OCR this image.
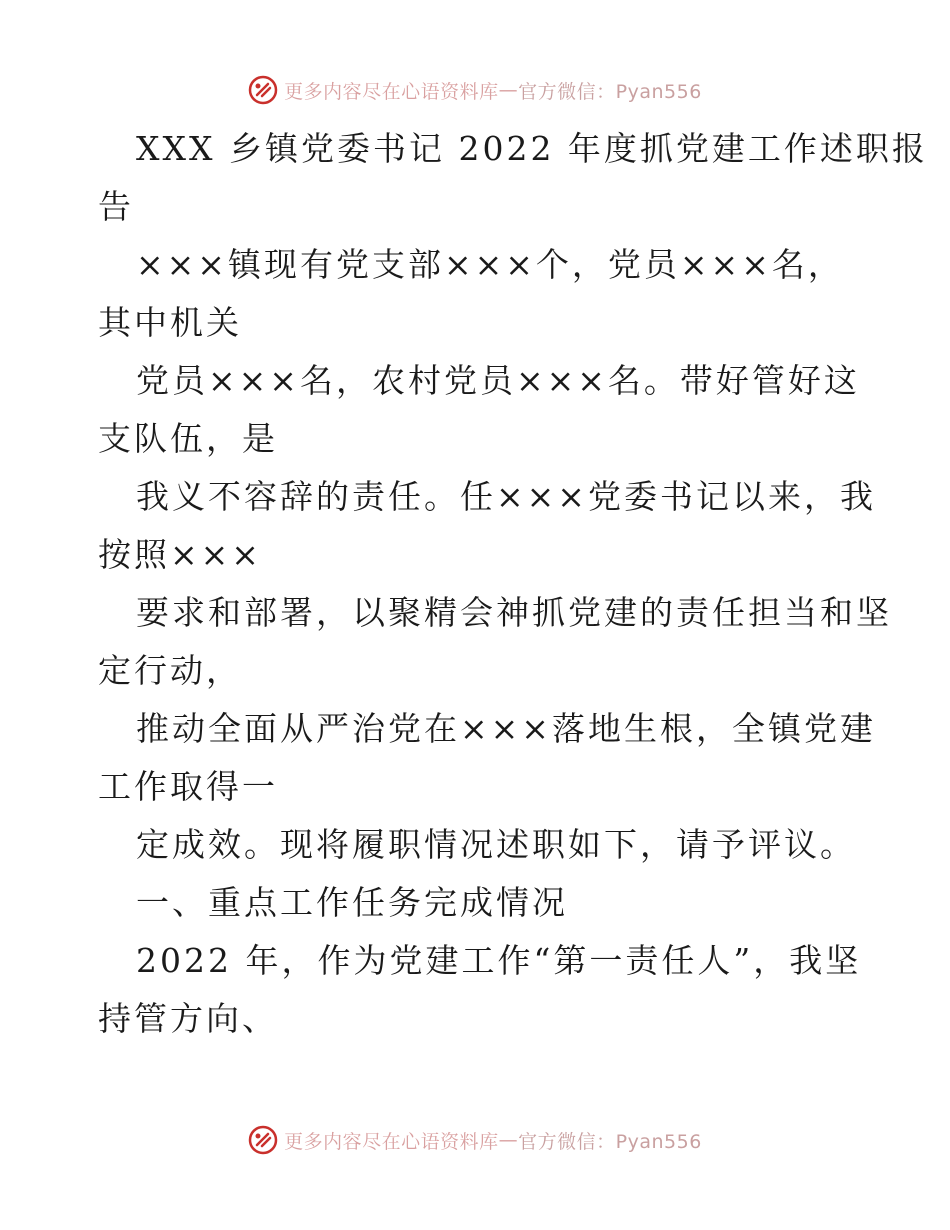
更多内容尽在心语资料库 — 官方微信：Pyan556
XXX 乡镇党委书记 2022 年度抓党建工作述职报
告
×××镇现有党支部×××个，党员×××名，
其中机关
党员×××名，农村党员×××名。带好管好这
支队伍，是
我义不容辞的责任。任×××党委书记以来，我
按照×××
要求和部署，以聚精会神抓党建的责任担当和坚
定行动，
推动全面从严治党在×××落地生根，全镇党建
工作取得一
定成效。现将履职情况述职如下，请予评议。
一、重点工作任务完成情况
2022 年，作为党建工作“第一责任人”，我坚
持管方向、
更多内容尽在心语资料库 — 官方微信：Pyan556
